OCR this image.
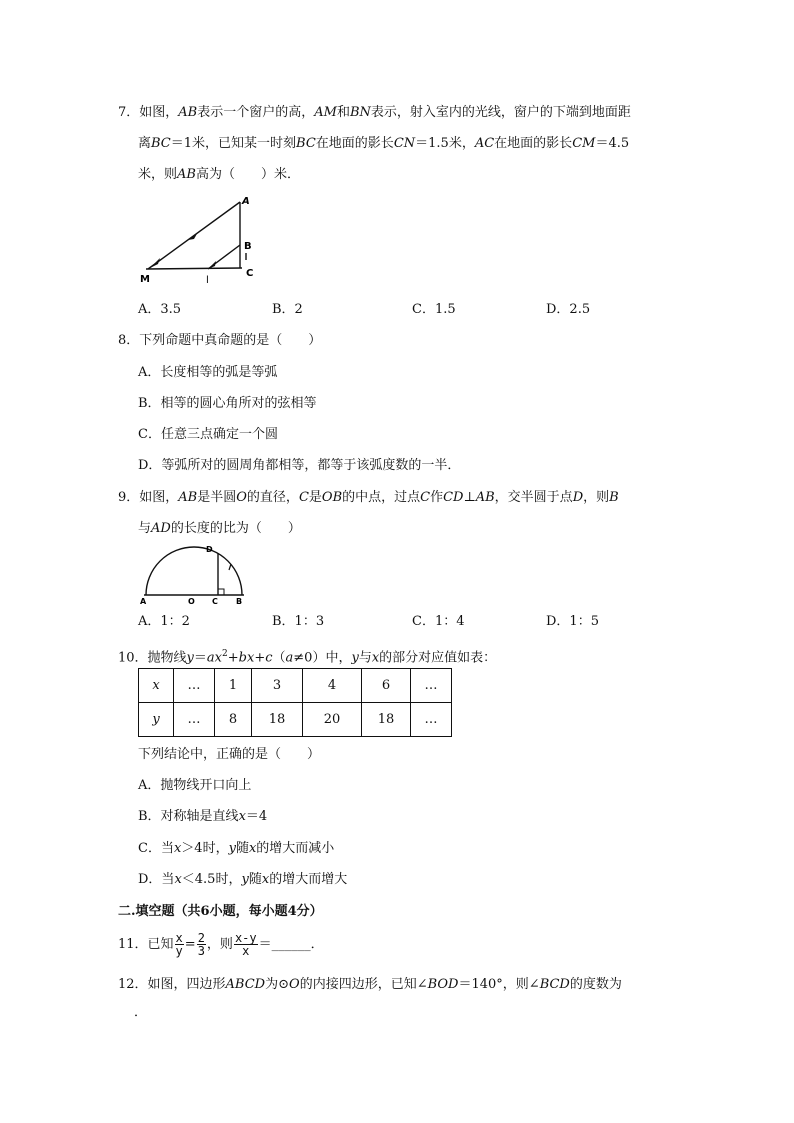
7．如图，AB表示一个窗户的高，AM和BN表示，射入室内的光线，窗户的下端到地面距
离BC＝1米，已知某一时刻BC在地面的影长CN＝1.5米，AC在地面的影长CM＝4.5
米，则AB高为（　　）米．
A
B
C
M	l
A．3.5	B．2	C．1.5	D．2.5
8．下列命题中真命题的是（　　）
A．长度相等的弧是等弧
B．相等的圆心角所对的弦相等
C．任意三点确定一个圆
D．等弧所对的圆周角都相等，都等于该弧度数的一半．
9．如图，AB是半圆O的直径，C是OB的中点，过点C作CD⊥AB，交半圆于点D，则B
与AD的长度的比为（　　）
A	O C B
D
A．1：2	B．1：3	C．1：4	D．1：5
10．抛物线$y=ax^2+bx+c(a\ne 0)$中，y与x的部分对应值如表：
x	…	1	3	4	6	…
y	…	8	18	20	18	…
下列结论中，正确的是（　　）
A．抛物线开口向上
B．对称轴是直线x＝4
C．当x＞4时，y随x的增大而减小
D．当x＜4.5时，y随x的增大而增大
二.填空题（共6小题，每小题4分）
11．已知 $\frac{x}{y} = \frac{2}{3}$ ，则 $\frac{x-y}{x}$ ＝______．
12．如图，四边形ABCD为⊙O的内接四边形，已知∠BOD＝140°，则∠BCD的度数为
．
